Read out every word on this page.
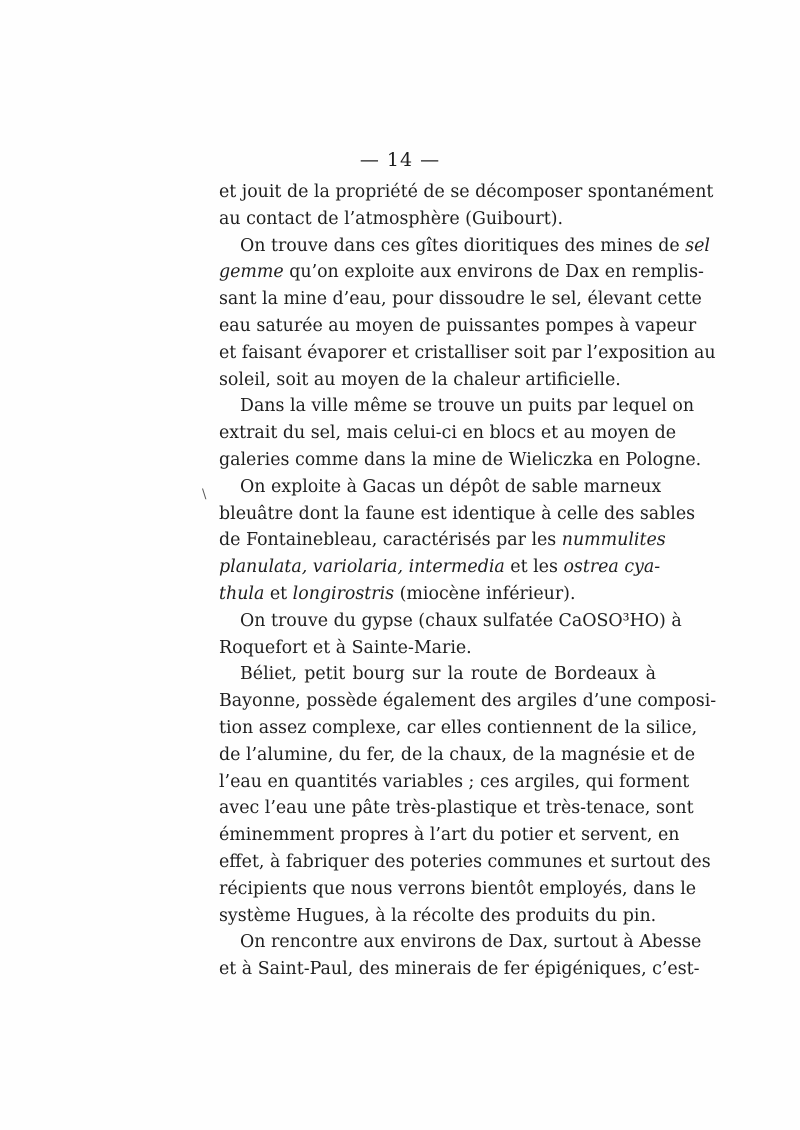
— 14 —
\
et jouit de la propriété de se décomposer spontanément
au contact de l’atmosphère (Guibourt).
On trouve dans ces gîtes dioritiques des mines de sel
gemme qu’on exploite aux environs de Dax en remplis-
sant la mine d’eau, pour dissoudre le sel, élevant cette
eau saturée au moyen de puissantes pompes à vapeur
et faisant évaporer et cristalliser soit par l’exposition au
soleil, soit au moyen de la chaleur artificielle.
Dans la ville même se trouve un puits par lequel on
extrait du sel, mais celui-ci en blocs et au moyen de
galeries comme dans la mine de Wieliczka en Pologne.
On exploite à Gacas un dépôt de sable marneux
bleuâtre dont la faune est identique à celle des sables
de Fontainebleau, caractérisés par les nummulites
planulata, variolaria, intermedia et les ostrea cya-
thula et longirostris (miocène inférieur).
On trouve du gypse (chaux sulfatée CaOSO³HO) à
Roquefort et à Sainte-Marie.
Béliet, petit bourg sur la route de Bordeaux à
Bayonne, possède également des argiles d’une composi-
tion assez complexe, car elles contiennent de la silice,
de l’alumine, du fer, de la chaux, de la magnésie et de
l’eau en quantités variables ; ces argiles, qui forment
avec l’eau une pâte très-plastique et très-tenace, sont
éminemment propres à l’art du potier et servent, en
effet, à fabriquer des poteries communes et surtout des
récipients que nous verrons bientôt employés, dans le
système Hugues, à la récolte des produits du pin.
On rencontre aux environs de Dax, surtout à Abesse
et à Saint-Paul, des minerais de fer épigéniques, c’est-
